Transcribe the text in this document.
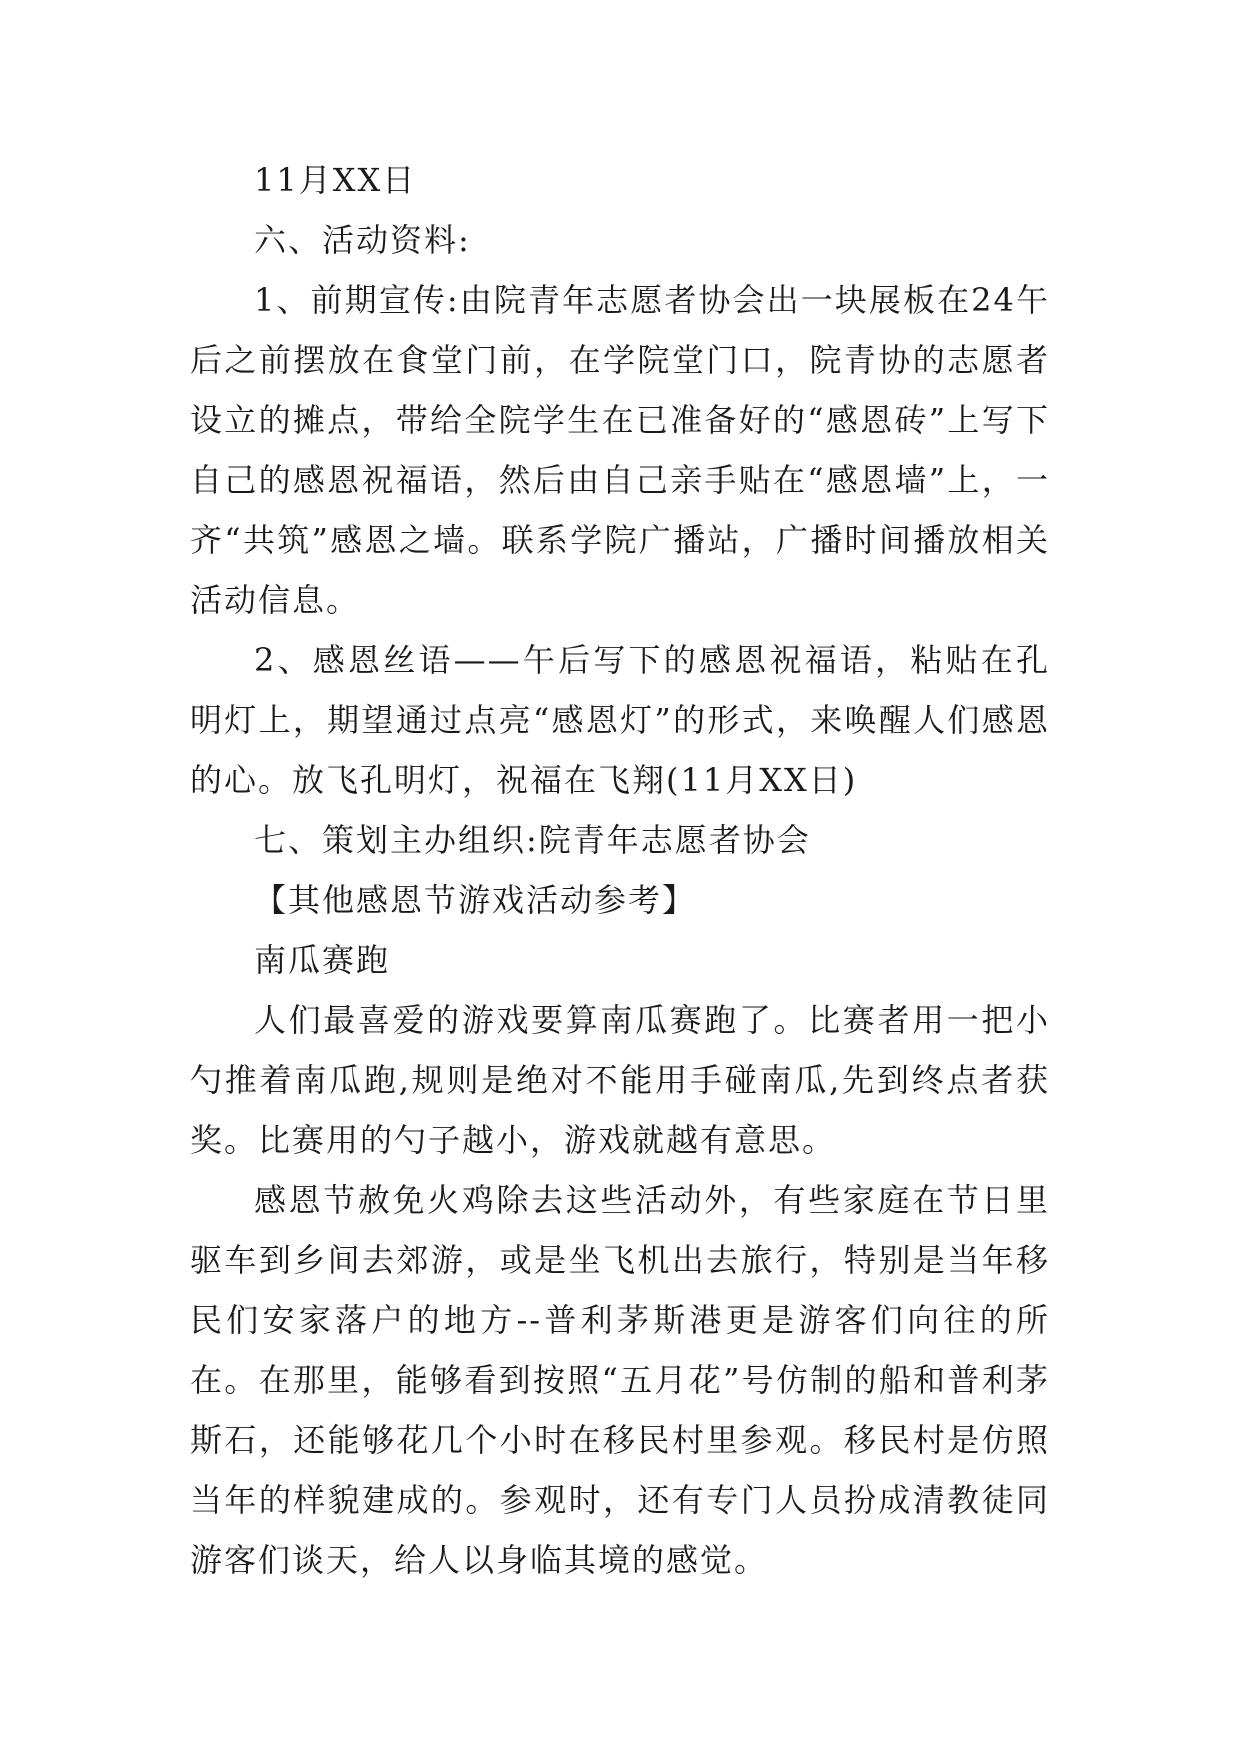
11月XX日

六、活动资料:

1、前期宣传:由院青年志愿者协会出一块展板在24午后之前摆放在食堂门前，在学院堂门口，院青协的志愿者设立的摊点，带给全院学生在已准备好的“感恩砖”上写下自己的感恩祝福语，然后由自己亲手贴在“感恩墙”上，一齐“共筑”感恩之墙。联系学院广播站，广播时间播放相关活动信息。

2、感恩丝语——午后写下的感恩祝福语，粘贴在孔明灯上，期望通过点亮“感恩灯”的形式，来唤醒人们感恩的心。放飞孔明灯，祝福在飞翔(11月XX日)

七、策划主办组织:院青年志愿者协会

【其他感恩节游戏活动参考】

南瓜赛跑

人们最喜爱的游戏要算南瓜赛跑了。比赛者用一把小勺推着南瓜跑,规则是绝对不能用手碰南瓜,先到终点者获奖。比赛用的勺子越小，游戏就越有意思。

感恩节赦免火鸡除去这些活动外，有些家庭在节日里驱车到乡间去郊游，或是坐飞机出去旅行，特别是当年移民们安家落户的地方--普利茅斯港更是游客们向往的所在。在那里，能够看到按照“五月花”号仿制的船和普利茅斯石，还能够花几个小时在移民村里参观。移民村是仿照当年的样貌建成的。参观时，还有专门人员扮成清教徒同游客们谈天，给人以身临其境的感觉。
